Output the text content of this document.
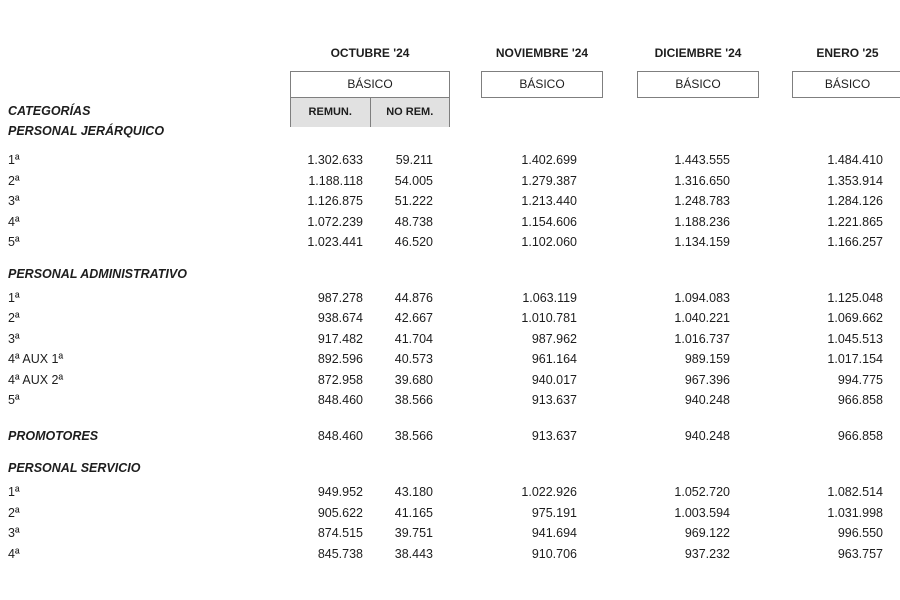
OCTUBRE '24	NOVIEMBRE '24	DICIEMBRE '24	ENERO '25
BÁSICO
REMUN.	NO REM.
BÁSICO	BÁSICO	BÁSICO
CATEGORÍAS
PERSONAL JERÁRQUICO
1ª	1.302.633	59.211	1.402.699	1.443.555	1.484.410
2ª	1.188.118	54.005	1.279.387	1.316.650	1.353.914
3ª	1.126.875	51.222	1.213.440	1.248.783	1.284.126
4ª	1.072.239	48.738	1.154.606	1.188.236	1.221.865
5ª	1.023.441	46.520	1.102.060	1.134.159	1.166.257
PERSONAL ADMINISTRATIVO
1ª	987.278	44.876	1.063.119	1.094.083	1.125.048
2ª	938.674	42.667	1.010.781	1.040.221	1.069.662
3ª	917.482	41.704	987.962	1.016.737	1.045.513
4ª AUX 1ª	892.596	40.573	961.164	989.159	1.017.154
4ª AUX 2ª	872.958	39.680	940.017	967.396	994.775
5ª	848.460	38.566	913.637	940.248	966.858
PROMOTORES	848.460	38.566	913.637	940.248	966.858
PERSONAL SERVICIO
1ª	949.952	43.180	1.022.926	1.052.720	1.082.514
2ª	905.622	41.165	975.191	1.003.594	1.031.998
3ª	874.515	39.751	941.694	969.122	996.550
4ª	845.738	38.443	910.706	937.232	963.757
